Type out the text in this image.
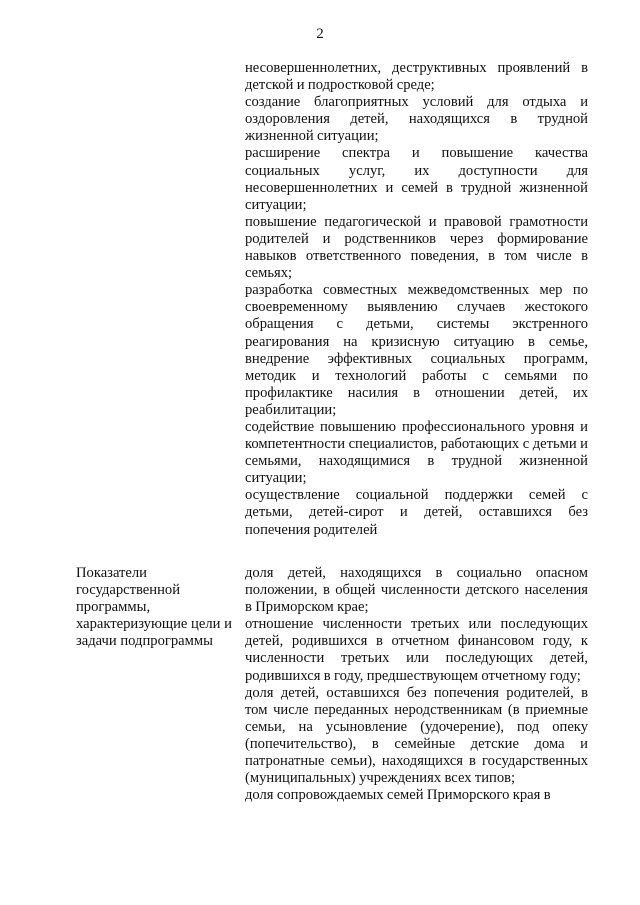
2

несовершеннолетних, деструктивных проявлений в детской и подростковой среде;

создание благоприятных условий для отдыха и оздоровления детей, находящихся в трудной жизненной ситуации;

расширение спектра и повышение качества социальных услуг, их доступности для несовершеннолетних и семей в трудной жизненной ситуации;

повышение педагогической и правовой грамотности родителей и родственников через формирование навыков ответственного поведения, в том числе в семьях;

разработка совместных межведомственных мер по своевременному выявлению случаев жестокого обращения с детьми, системы экстренного реагирования на кризисную ситуацию в семье, внедрение эффективных социальных программ, методик и технологий работы с семьями по профилактике насилия в отношении детей, их реабилитации;

содействие повышению профессионального уровня и компетентности специалистов, работающих с детьми и семьями, находящимися в трудной жизненной ситуации;

осуществление социальной поддержки семей с детьми, детей-сирот и детей, оставшихся без попечения родителей

Показатели государственной программы, характеризующие цели и задачи подпрограммы

доля детей, находящихся в социально опасном положении, в общей численности детского населения в Приморском крае;

отношение численности третьих или последующих детей, родившихся в отчетном финансовом году, к численности третьих или последующих детей, родившихся в году, предшествующем отчетному году;

доля детей, оставшихся без попечения родителей, в том числе переданных неродственникам (в приемные семьи, на усыновление (удочерение), под опеку (попечительство), в семейные детские дома и патронатные семьи), находящихся в государственных (муниципальных) учреждениях всех типов;

доля сопровождаемых семей Приморского края в
